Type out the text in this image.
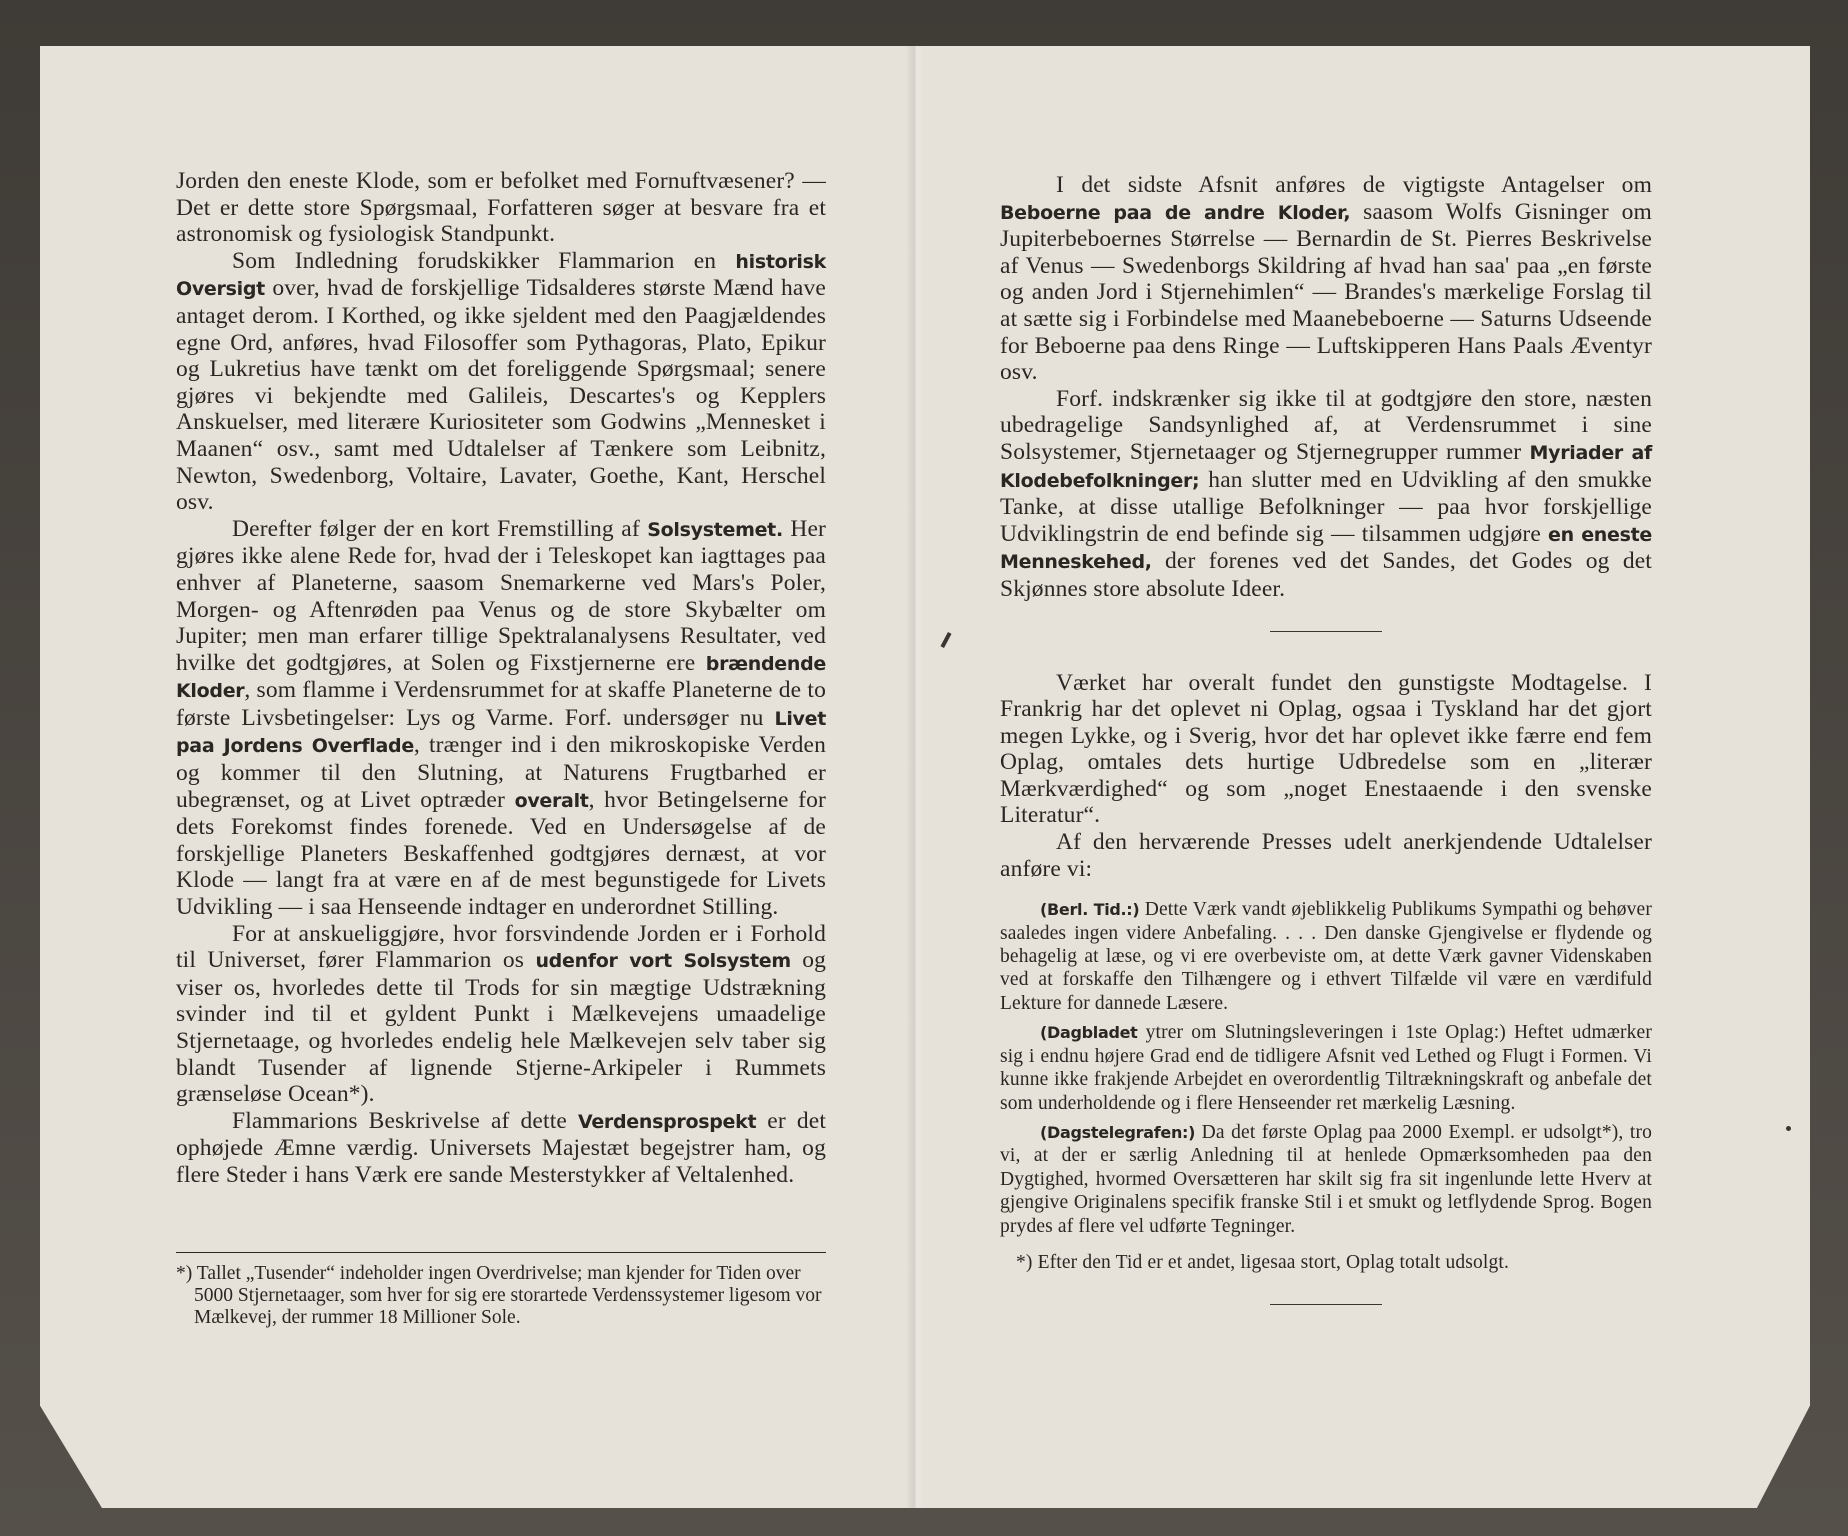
Jorden den eneste Klode, som er befolket med Fornuftvæsener? — Det er dette store Spørgsmaal, Forfatteren søger at besvare fra et astronomisk og fysiologisk Standpunkt.

Som Indledning forudskikker Flammarion en historisk Oversigt over, hvad de forskjellige Tidsalderes største Mænd have antaget derom. I Korthed, og ikke sjeldent med den Paagjældendes egne Ord, anføres, hvad Filosoffer som Pythagoras, Plato, Epikur og Lukretius have tænkt om det foreliggende Spørgsmaal; senere gjøres vi bekjendte med Galileis, Descartes's og Kepplers Anskuelser, med literære Kuriositeter som Godwins „Mennesket i Maanen“ osv., samt med Udtalelser af Tænkere som Leibnitz, Newton, Swedenborg, Voltaire, Lavater, Goethe, Kant, Herschel osv.

Derefter følger der en kort Fremstilling af Solsystemet. Her gjøres ikke alene Rede for, hvad der i Teleskopet kan iagttages paa enhver af Planeterne, saasom Snemarkerne ved Mars's Poler, Morgen- og Aftenrøden paa Venus og de store Skybælter om Jupiter; men man erfarer tillige Spektralanalysens Resultater, ved hvilke det godtgjøres, at Solen og Fixstjernerne ere brændende Kloder, som flamme i Verdensrummet for at skaffe Planeterne de to første Livsbetingelser: Lys og Varme. Forf. undersøger nu Livet paa Jordens Overflade, trænger ind i den mikroskopiske Verden og kommer til den Slutning, at Naturens Frugtbarhed er ubegrænset, og at Livet optræder overalt, hvor Betingelserne for dets Forekomst findes forenede. Ved en Undersøgelse af de forskjellige Planeters Beskaffenhed godtgjøres dernæst, at vor Klode — langt fra at være en af de mest begunstigede for Livets Udvikling — i saa Henseende indtager en underordnet Stilling.

For at anskueliggjøre, hvor forsvindende Jorden er i Forhold til Universet, fører Flammarion os udenfor vort Solsystem og viser os, hvorledes dette til Trods for sin mægtige Udstrækning svinder ind til et gyldent Punkt i Mælkevejens umaadelige Stjernetaage, og hvorledes endelig hele Mælkevejen selv taber sig blandt Tusender af lignende Stjerne-Arkipeler i Rummets grænseløse Ocean*).

Flammarions Beskrivelse af dette Verdensprospekt er det ophøjede Æmne værdig. Universets Majestæt begejstrer ham, og flere Steder i hans Værk ere sande Mesterstykker af Veltalenhed.

*) Tallet „Tusender“ indeholder ingen Overdrivelse; man kjender for Tiden over 5000 Stjernetaager, som hver for sig ere storartede Verdenssystemer ligesom vor Mælkevej, der rummer 18 Millioner Sole.

I det sidste Afsnit anføres de vigtigste Antagelser om Beboerne paa de andre Kloder, saasom Wolfs Gisninger om Jupiterbeboernes Størrelse — Bernardin de St. Pierres Beskrivelse af Venus — Swedenborgs Skildring af hvad han saa' paa „en første og anden Jord i Stjernehimlen“ — Brandes's mærkelige Forslag til at sætte sig i Forbindelse med Maanebeboerne — Saturns Udseende for Beboerne paa dens Ringe — Luftskipperen Hans Paals Æventyr osv.

Forf. indskrænker sig ikke til at godtgjøre den store, næsten ubedragelige Sandsynlighed af, at Verdensrummet i sine Solsystemer, Stjernetaager og Stjernegrupper rummer Myriader af Klodebefolkninger; han slutter med en Udvikling af den smukke Tanke, at disse utallige Befolkninger — paa hvor forskjellige Udviklingstrin de end befinde sig — tilsammen udgjøre en eneste Menneskehed, der forenes ved det Sandes, det Godes og det Skjønnes store absolute Ideer.

Værket har overalt fundet den gunstigste Modtagelse. I Frankrig har det oplevet ni Oplag, ogsaa i Tyskland har det gjort megen Lykke, og i Sverig, hvor det har oplevet ikke færre end fem Oplag, omtales dets hurtige Udbredelse som en „literær Mærkværdighed“ og som „noget Enestaaende i den svenske Literatur“.

Af den herværende Presses udelt anerkjendende Udtalelser anføre vi:

(Berl. Tid.:) Dette Værk vandt øjeblikkelig Publikums Sympathi og behøver saaledes ingen videre Anbefaling. . . . Den danske Gjengivelse er flydende og behagelig at læse, og vi ere overbeviste om, at dette Værk gavner Videnskaben ved at forskaffe den Tilhængere og i ethvert Tilfælde vil være en værdifuld Lekture for dannede Læsere.

(Dagbladet ytrer om Slutningsleveringen i 1ste Oplag:) Heftet udmærker sig i endnu højere Grad end de tidligere Afsnit ved Lethed og Flugt i Formen. Vi kunne ikke frakjende Arbejdet en overordentlig Tiltrækningskraft og anbefale det som underholdende og i flere Henseender ret mærkelig Læsning.

(Dagstelegrafen:) Da det første Oplag paa 2000 Exempl. er udsolgt*), tro vi, at der er særlig Anledning til at henlede Opmærksomheden paa den Dygtighed, hvormed Oversætteren har skilt sig fra sit ingenlunde lette Hverv at gjengive Originalens specifik franske Stil i et smukt og letflydende Sprog. Bogen prydes af flere vel udførte Tegninger.

*) Efter den Tid er et andet, ligesaa stort, Oplag totalt udsolgt.
